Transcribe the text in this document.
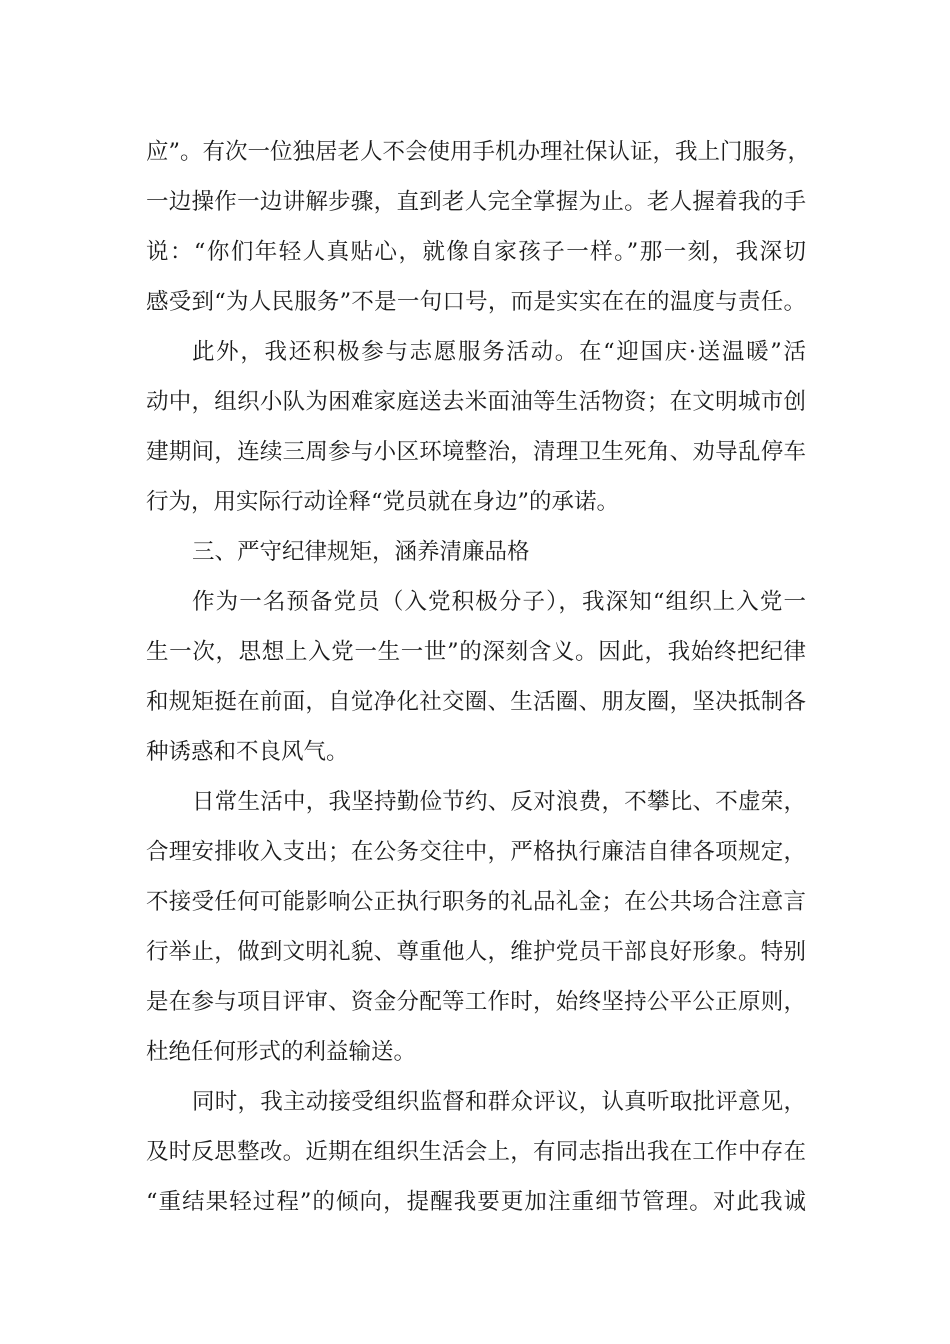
应”。有次一位独居老人不会使用手机办理社保认证，我上门服务，
一边操作一边讲解步骤，直到老人完全掌握为止。老人握着我的手
说：“你们年轻人真贴心，就像自家孩子一样。”那一刻，我深切
感受到“为人民服务”不是一句口号，而是实实在在的温度与责任。
此外，我还积极参与志愿服务活动。在“迎国庆·送温暖”活
动中，组织小队为困难家庭送去米面油等生活物资；在文明城市创
建期间，连续三周参与小区环境整治，清理卫生死角、劝导乱停车
行为，用实际行动诠释“党员就在身边”的承诺。
三、严守纪律规矩，涵养清廉品格
作为一名预备党员（入党积极分子），我深知“组织上入党一
生一次，思想上入党一生一世”的深刻含义。因此，我始终把纪律
和规矩挺在前面，自觉净化社交圈、生活圈、朋友圈，坚决抵制各
种诱惑和不良风气。
日常生活中，我坚持勤俭节约、反对浪费，不攀比、不虚荣，
合理安排收入支出；在公务交往中，严格执行廉洁自律各项规定，
不接受任何可能影响公正执行职务的礼品礼金；在公共场合注意言
行举止，做到文明礼貌、尊重他人，维护党员干部良好形象。特别
是在参与项目评审、资金分配等工作时，始终坚持公平公正原则，
杜绝任何形式的利益输送。
同时，我主动接受组织监督和群众评议，认真听取批评意见，
及时反思整改。近期在组织生活会上，有同志指出我在工作中存在
“重结果轻过程”的倾向，提醒我要更加注重细节管理。对此我诚
